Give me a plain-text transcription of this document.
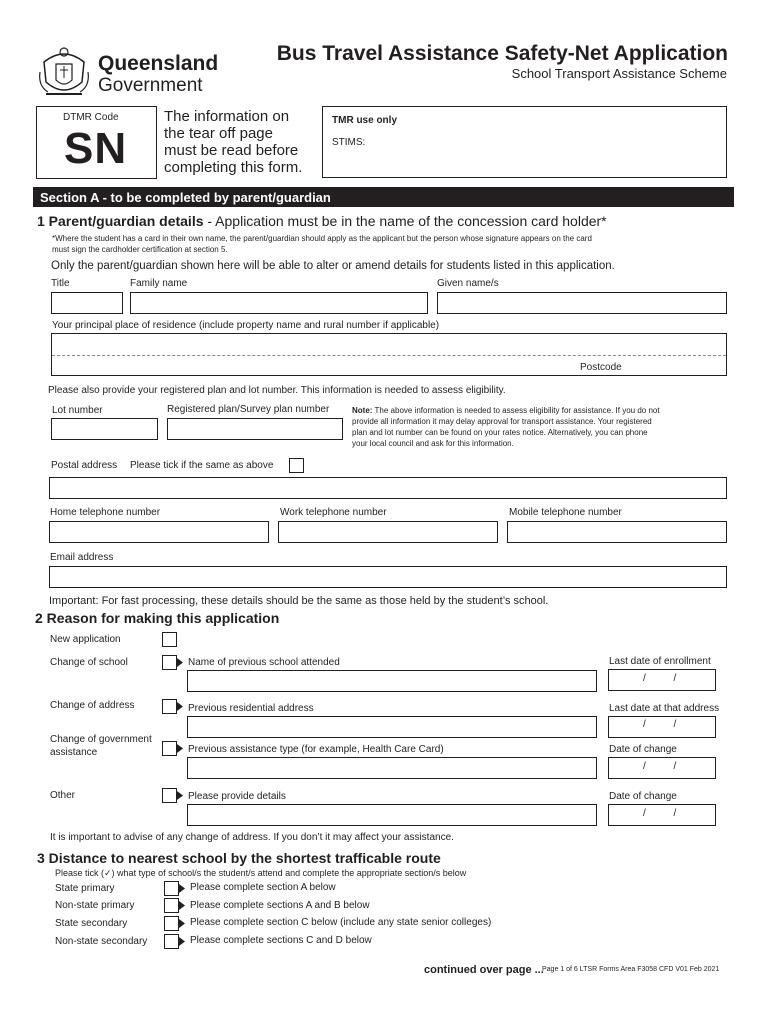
Queensland
Government
Bus Travel Assistance Safety-Net Application
School Transport Assistance Scheme
DTMR Code
SN
The information on
the tear off page
must be read before
completing this form.
TMR use only
STIMS:
Section A - to be completed by parent/guardian
1 Parent/guardian details - Application must be in the name of the concession card holder*
*Where the student has a card in their own name, the parent/guardian should apply as the applicant but the person whose signature appears on the card
must sign the cardholder certification at section 5.
Only the parent/guardian shown here will be able to alter or amend details for students listed in this application.
Title	Family name	Given name/s
Your principal place of residence (include property name and rural number if applicable)
Postcode
Please also provide your registered plan and lot number. This information is needed to assess eligibility.
Lot number	Registered plan/Survey plan number	Note: The above information is needed to assess eligibility for assistance. If you do not
provide all information it may delay approval for transport assistance. Your registered
plan and lot number can be found on your rates notice. Alternatively, you can phone
your local council and ask for this information.
Postal address Please tick if the same as above
Home telephone number	Work telephone number	Mobile telephone number
Email address
Important: For fast processing, these details should be the same as those held by the student’s school.
2 Reason for making this application
New application
Change of school	Name of previous school attended	Last date of enrollment
/          /
Change of address	Previous residential address	Last date at that address
/          /
Change of government
assistance	Previous assistance type (for example, Health Care Card)	Date of change
/          /
Other	Please provide details	Date of change
/          /
It is important to advise of any change of address. If you don’t it may affect your assistance.
3 Distance to nearest school by the shortest trafficable route
Please tick (✓) what type of school/s the student/s attend and complete the appropriate section/s below
State primary	Please complete section A below
Non-state primary	Please complete sections A and B below
State secondary	Please complete section C below (include any state senior colleges)
Non-state secondary	Please complete sections C and D below
continued over page ...
Page 1 of 6 LTSR Forms Area F3058 CFD V01 Feb 2021
